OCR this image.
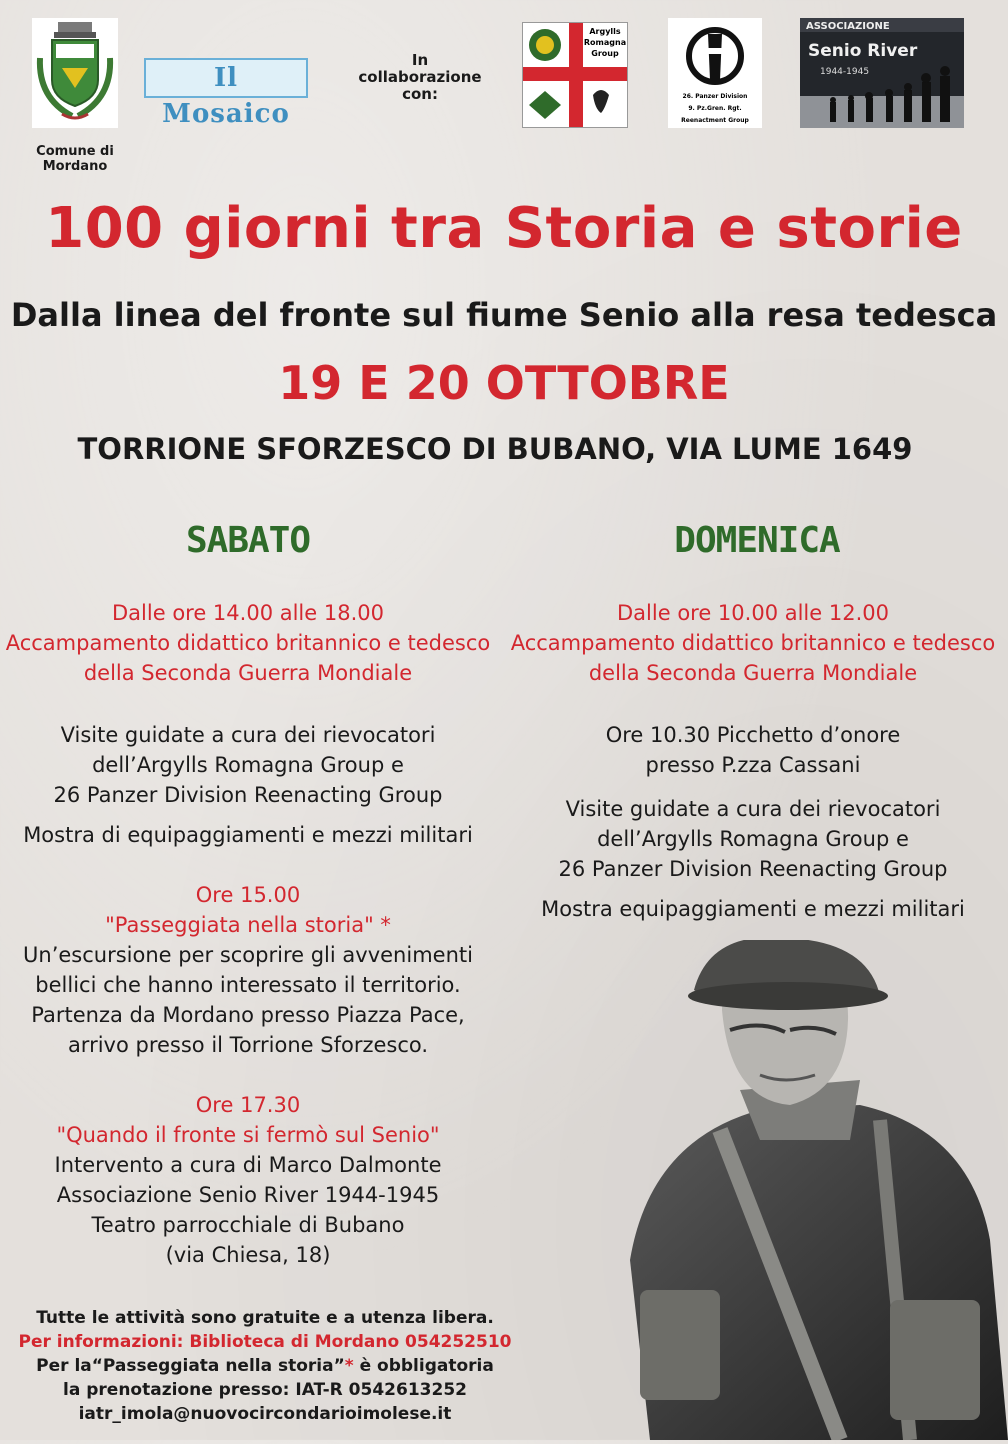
Comune di
Mordano
Il Mosaico
In
collaborazione
con:
Argylls
Romagna
Group
26. Panzer Division
9. Pz.Gren. Rgt.
Reenactment Group
ASSOCIAZIONE
Senio River
1944-1945
100 giorni tra Storia e storie
Dalla linea del fronte sul fiume Senio alla resa tedesca
19 E 20 OTTOBRE
TORRIONE SFORZESCO DI BUBANO, VIA LUME 1649
SABATO
Dalle ore 14.00 alle 18.00
Accampamento didattico britannico e tedesco
della Seconda Guerra Mondiale
Visite guidate a cura dei rievocatori
dell’Argylls Romagna Group e
26 Panzer Division Reenacting Group
Mostra di equipaggiamenti e mezzi militari
Ore 15.00
"Passeggiata nella storia" *
Un’escursione per scoprire gli avvenimenti
bellici che hanno interessato il territorio.
Partenza da Mordano presso Piazza Pace,
arrivo presso il Torrione Sforzesco.
Ore 17.30
"Quando il fronte si fermò sul Senio"
Intervento a cura di Marco Dalmonte
Associazione Senio River 1944-1945
Teatro parrocchiale di Bubano
(via Chiesa, 18)
DOMENICA
Dalle ore 10.00 alle 12.00
Accampamento didattico britannico e tedesco
della Seconda Guerra Mondiale
Ore 10.30 Picchetto d’onore
presso P.zza Cassani
Visite guidate a cura dei rievocatori
dell’Argylls Romagna Group e
26 Panzer Division Reenacting Group
Mostra equipaggiamenti e mezzi militari
Tutte le attività sono gratuite e a utenza libera.
Per informazioni: Biblioteca di Mordano 054252510
Per la“Passeggiata nella storia”* è obbligatoria
la prenotazione presso: IAT-R 0542613252
iatr_imola@nuovocircondarioimolese.it
